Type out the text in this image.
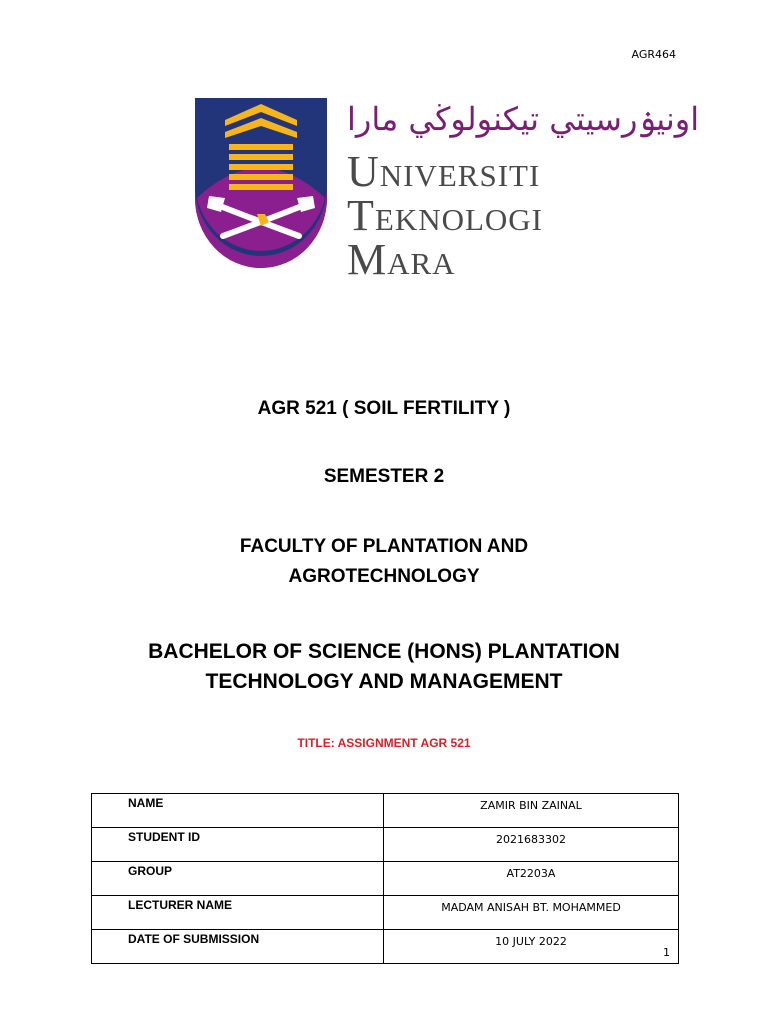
AGR464
اونيۏرسيتي تيكنولوڬي مارا
Universiti
Teknologi
Mara
AGR 521 ( SOIL FERTILITY )
SEMESTER 2
FACULTY OF PLANTATION AND
AGROTECHNOLOGY
BACHELOR OF SCIENCE (HONS) PLANTATION
TECHNOLOGY AND MANAGEMENT
TITLE: ASSIGNMENT AGR 521
NAME	ZAMIR BIN ZAINAL
STUDENT ID	2021683302
GROUP	AT2203A
LECTURER NAME	MADAM ANISAH BT. MOHAMMED
DATE OF SUBMISSION	10 JULY 2022
1
